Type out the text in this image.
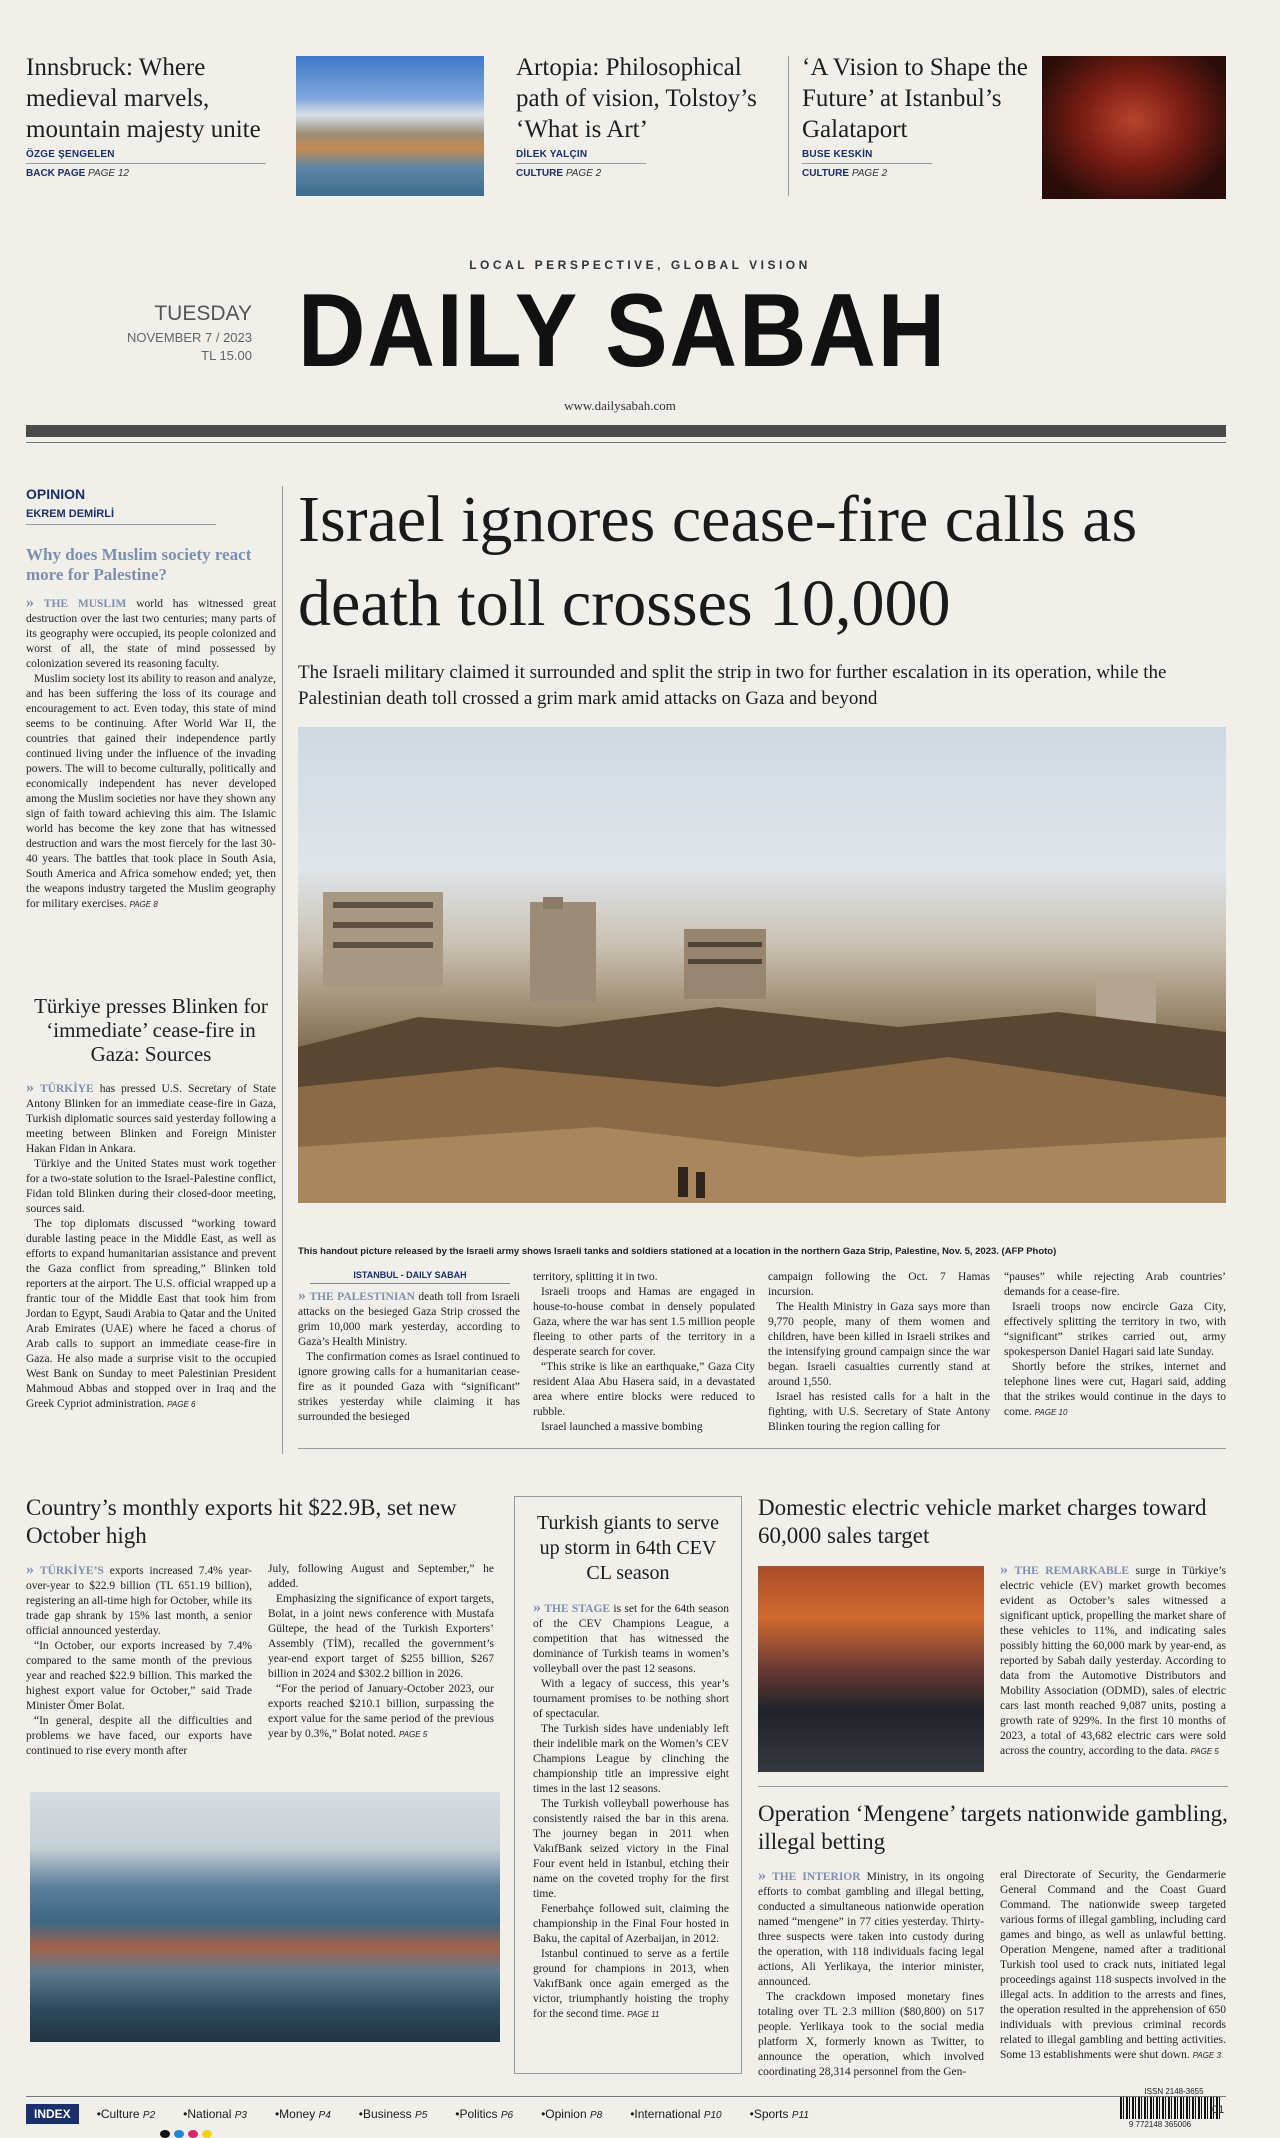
Innsbruck: Where medieval marvels, mountain majesty unite
ÖZGE ŞENGELEN
BACK PAGE PAGE 12
Artopia: Philosophical path of vision, Tolstoy’s ‘What is Art’
DİLEK YALÇIN
CULTURE PAGE 2
‘A Vision to Shape the Future’ at Istanbul’s Galataport
BUSE KESKİN
CULTURE PAGE 2
LOCAL PERSPECTIVE, GLOBAL VISION
TUESDAY
NOVEMBER 7 / 2023
TL 15.00 DAILY SABAH
www.dailysabah.com
OPINION
EKREM DEMİRLİ
Why does Muslim society react more for Palestine?

» THE MUSLIM world has witnessed great destruction over the last two centuries; many parts of its geography were occupied, its people colonized and worst of all, the state of mind possessed by colonization severed its reasoning faculty.

Muslim society lost its ability to reason and analyze, and has been suffering the loss of its courage and encouragement to act. Even today, this state of mind seems to be continuing. After World War II, the countries that gained their independence partly continued living under the influence of the invading powers. The will to become culturally, politically and economically independent has never developed among the Muslim societies nor have they shown any sign of faith toward achieving this aim. The Islamic world has become the key zone that has witnessed destruction and wars the most fiercely for the last 30-40 years. The battles that took place in South Asia, South America and Africa somehow ended; yet, then the weapons industry targeted the Muslim geography for military exercises. PAGE 8

Türkiye presses Blinken for ‘immediate’ cease-fire in Gaza: Sources

» TÜRKİYE has pressed U.S. Secretary of State Antony Blinken for an immediate cease-fire in Gaza, Turkish diplomatic sources said yesterday following a meeting between Blinken and Foreign Minister Hakan Fidan in Ankara.

Türkiye and the United States must work together for a two-state solution to the Israel-Palestine conflict, Fidan told Blinken during their closed-door meeting, sources said.

The top diplomats discussed “working toward durable lasting peace in the Middle East, as well as efforts to expand humanitarian assistance and prevent the Gaza conflict from spreading,” Blinken told reporters at the airport. The U.S. official wrapped up a frantic tour of the Middle East that took him from Jordan to Egypt, Saudi Arabia to Qatar and the United Arab Emirates (UAE) where he faced a chorus of Arab calls to support an immediate cease-fire in Gaza. He also made a surprise visit to the occupied West Bank on Sunday to meet Palestinian President Mahmoud Abbas and stopped over in Iraq and the Greek Cypriot administration. PAGE 6

Israel ignores cease-fire calls as death toll crosses 10,000
The Israeli military claimed it surrounded and split the strip in two for further escalation in its operation, while the Palestinian death toll crossed a grim mark amid attacks on Gaza and beyond
This handout picture released by the Israeli army shows Israeli tanks and soldiers stationed at a location in the northern Gaza Strip, Palestine, Nov. 5, 2023. (AFP Photo)
ISTANBUL - DAILY SABAH

» THE PALESTINIAN death toll from Israeli attacks on the besieged Gaza Strip crossed the grim 10,000 mark yesterday, according to Gaza’s Health Ministry.

The confirmation comes as Israel continued to ignore growing calls for a humanitarian cease-fire as it pounded Gaza with “significant” strikes yesterday while claiming it has surrounded the besieged

territory, splitting it in two.

Israeli troops and Hamas are engaged in house-to-house combat in densely populated Gaza, where the war has sent 1.5 million people fleeing to other parts of the territory in a desperate search for cover.

“This strike is like an earthquake,” Gaza City resident Alaa Abu Hasera said, in a devastated area where entire blocks were reduced to rubble.

Israel launched a massive bombing

campaign following the Oct. 7 Hamas incursion.

The Health Ministry in Gaza says more than 9,770 people, many of them women and children, have been killed in Israeli strikes and the intensifying ground campaign since the war began. Israeli casualties currently stand at around 1,550.

Israel has resisted calls for a halt in the fighting, with U.S. Secretary of State Antony Blinken touring the region calling for

“pauses” while rejecting Arab countries’ demands for a cease-fire.

Israeli troops now encircle Gaza City, effectively splitting the territory in two, with “significant” strikes carried out, army spokesperson Daniel Hagari said late Sunday.

Shortly before the strikes, internet and telephone lines were cut, Hagari said, adding that the strikes would continue in the days to come. PAGE 10

Country’s monthly exports hit $22.9B, set new October high

» TÜRKİYE’S exports increased 7.4% year-over-year to $22.9 billion (TL 651.19 billion), registering an all-time high for October, while its trade gap shrank by 15% last month, a senior official announced yesterday.

“In October, our exports increased by 7.4% compared to the same month of the previous year and reached $22.9 billion. This marked the highest export value for October,” said Trade Minister Ömer Bolat.

“In general, despite all the difficulties and problems we have faced, our exports have continued to rise every month after

July, following August and September,” he added.

Emphasizing the significance of export targets, Bolat, in a joint news conference with Mustafa Gültepe, the head of the Turkish Exporters’ Assembly (TİM), recalled the government’s year-end export target of $255 billion, $267 billion in 2024 and $302.2 billion in 2026.

“For the period of January-October 2023, our exports reached $210.1 billion, surpassing the export value for the same period of the previous year by 0.3%,” Bolat noted. PAGE 5

Turkish giants to serve up storm in 64th CEV CL season

» THE STAGE is set for the 64th season of the CEV Champions League, a competition that has witnessed the dominance of Turkish teams in women’s volleyball over the past 12 seasons.

With a legacy of success, this year’s tournament promises to be nothing short of spectacular.

The Turkish sides have undeniably left their indelible mark on the Women’s CEV Champions League by clinching the championship title an impressive eight times in the last 12 seasons.

The Turkish volleyball powerhouse has consistently raised the bar in this arena. The journey began in 2011 when VakıfBank seized victory in the Final Four event held in Istanbul, etching their name on the coveted trophy for the first time.

Fenerbahçe followed suit, claiming the championship in the Final Four hosted in Baku, the capital of Azerbaijan, in 2012.

Istanbul continued to serve as a fertile ground for champions in 2013, when VakıfBank once again emerged as the victor, triumphantly hoisting the trophy for the second time. PAGE 11

Domestic electric vehicle market charges toward 60,000 sales target

» THE REMARKABLE surge in Türkiye’s electric vehicle (EV) market growth becomes evident as October’s sales witnessed a significant uptick, propelling the market share of these vehicles to 11%, and indicating sales possibly hitting the 60,000 mark by year-end, as reported by Sabah daily yesterday. According to data from the Automotive Distributors and Mobility Association (ODMD), sales of electric cars last month reached 9,087 units, posting a growth rate of 929%. In the first 10 months of 2023, a total of 43,682 electric cars were sold across the country, according to the data. PAGE 5

Operation ‘Mengene’ targets nationwide gambling, illegal betting

» THE INTERIOR Ministry, in its ongoing efforts to combat gambling and illegal betting, conducted a simultaneous nationwide operation named “mengene” in 77 cities yesterday. Thirty-three suspects were taken into custody during the operation, with 118 individuals facing legal actions, Ali Yerlikaya, the interior minister, announced.

The crackdown imposed monetary fines totaling over TL 2.3 million ($80,800) on 517 people. Yerlikaya took to the social media platform X, formerly known as Twitter, to announce the operation, which involved coordinating 28,314 personnel from the Gen-

eral Directorate of Security, the Gendarmerie General Command and the Coast Guard Command. The nationwide sweep targeted various forms of illegal gambling, including card games and bingo, as well as unlawful betting. Operation Mengene, named after a traditional Turkish tool used to crack nuts, initiated legal proceedings against 118 suspects involved in the illegal acts. In addition to the arrests and fines, the operation resulted in the apprehension of 650 individuals with previous criminal records related to illegal gambling and betting activities. Some 13 establishments were shut down. PAGE 3

INDEX	•Culture P2 •National P3 •Money P4 •Business P5 •Politics P6 •Opinion P8 •International P10 •Sports P11
ISSN 2148-3655
9 772148 365006
01
